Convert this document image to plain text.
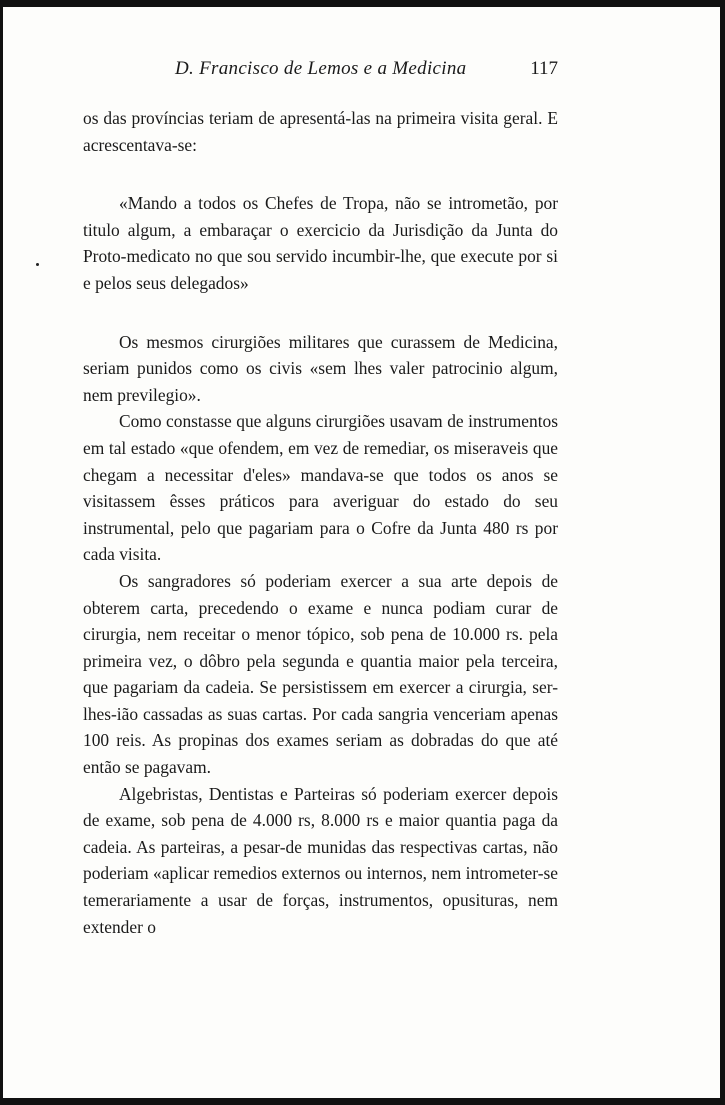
D. Francisco de Lemos e a Medicina	117

os das províncias teriam de apresentá-las na primeira visita geral. E acrescentava-se:

«Mando a todos os Chefes de Tropa, não se intrometão, por titulo algum, a embaraçar o exercicio da Jurisdição da Junta do Proto-medicato no que sou servido incumbir-lhe, que execute por si e pelos seus delegados»

Os mesmos cirurgiões militares que curassem de Medicina, seriam punidos como os civis «sem lhes valer patrocinio algum, nem previlegio».

Como constasse que alguns cirurgiões usavam de instrumentos em tal estado «que ofendem, em vez de remediar, os miseraveis que chegam a necessitar d'eles» mandava-se que todos os anos se visitassem êsses práticos para averiguar do estado do seu instrumental, pelo que pagariam para o Cofre da Junta 480 rs por cada visita.

Os sangradores só poderiam exercer a sua arte depois de obterem carta, precedendo o exame e nunca podiam curar de cirurgia, nem receitar o menor tópico, sob pena de 10.000 rs. pela primeira vez, o dôbro pela segunda e quantia maior pela terceira, que pagariam da cadeia. Se persistissem em exercer a cirurgia, ser-lhes-ião cassadas as suas cartas. Por cada sangria venceriam apenas 100 reis. As propinas dos exames seriam as dobradas do que até então se pagavam.

Algebristas, Dentistas e Parteiras só poderiam exercer depois de exame, sob pena de 4.000 rs, 8.000 rs e maior quantia paga da cadeia. As parteiras, a pesar-de munidas das respectivas cartas, não poderiam «aplicar remedios externos ou internos, nem intrometer-se temerariamente a usar de forças, instrumentos, opusituras, nem extender o
